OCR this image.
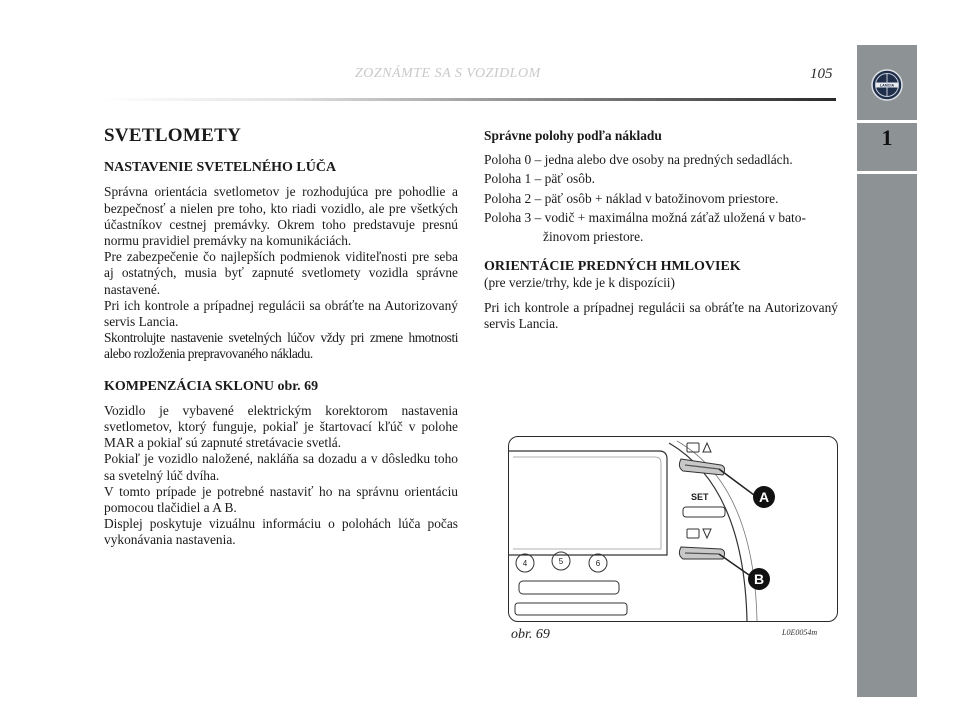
ZOZNÁMTE SA S VOZIDLOM	105
LANCIA
1
SVETLOMETY
NASTAVENIE SVETELNÉHO LÚČA

Správna orientácia svetlometov je rozhodujúca pre pohodlie a bezpečnosť a nielen pre toho, kto riadi vozidlo, ale pre všetkých účastníkov cestnej premávky. Okrem toho predstavuje presnú normu pravidiel premávky na komunikáciách.

Pre zabezpečenie čo najlepších podmienok viditeľnosti pre seba aj ostatných, musia byť zapnuté svetlomety vozidla správne nastavené.

Pri ich kontrole a prípadnej regulácii sa obráťte na Autorizovaný servis Lancia.

Skontrolujte nastavenie svetelných lúčov vždy pri zmene hmotnosti alebo rozloženia prepravovaného nákladu.

KOMPENZÁCIA SKLONU obr. 69

Vozidlo je vybavené elektrickým korektorom nastavenia svetlometov, ktorý funguje, pokiaľ je štartovací kľúč v polohe MAR a pokiaľ sú zapnuté stretávacie svetlá.

Pokiaľ je vozidlo naložené, nakláňa sa dozadu a v dôsledku toho sa svetelný lúč dvíha.

V tomto prípade je potrebné nastaviť ho na správnu orientáciu pomocou tlačidiel a A B.

Displej poskytuje vizuálnu informáciu o polohách lúča počas vykonávania nastavenia.

Správne polohy podľa nákladu

Poloha 0 – jedna alebo dve osoby na predných sedadlách.

Poloha 1 – päť osôb.

Poloha 2 – päť osôb + náklad v batožinovom priestore.

Poloha 3 – vodič + maximálna možná záťaž uložená v bato-

žinovom priestore.

ORIENTÁCIE PREDNÝCH HMLOVIEK

(pre verzie/trhy, kde je k dispozícii)

Pri ich kontrole a prípadnej regulácii sa obráťte na Autorizovaný servis Lancia.

SET	A
B
4	5	6
obr. 69	L0E0054m
